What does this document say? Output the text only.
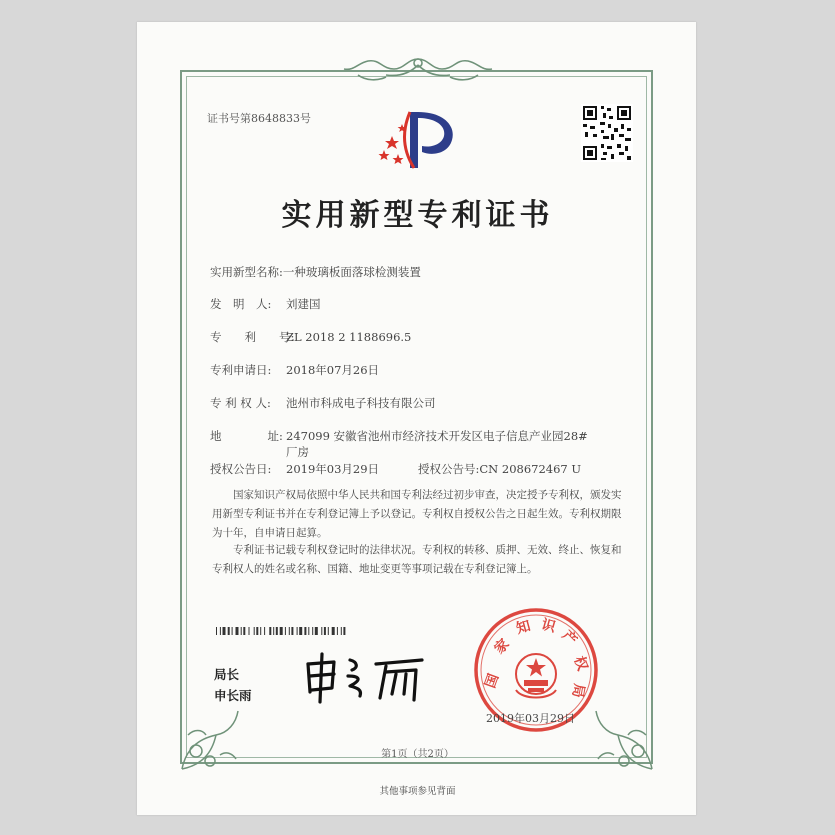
证书号第8648833号
实用新型专利证书
实用新型名称:一种玻璃板面落球检测装置
发　明　人: 刘建国
专　　利　　号:ZL 2018 2 1188696.5
专利申请日: 2018年07月26日
专 利 权 人: 池州市科成电子科技有限公司
地　　　　址: 247099 安徽省池州市经济技术开发区电子信息产业园28#
厂房
授权公告日: 2019年03月29日	授权公告号:CN 208672467 U
国家知识产权局依照中华人民共和国专利法经过初步审查，决定授予专利权，颁发实用新型专利证书并在专利登记簿上予以登记。专利权自授权公告之日起生效。专利权期限为十年，自申请日起算。
专利证书记载专利权登记时的法律状况。专利权的转移、质押、无效、终止、恢复和专利权人的姓名或名称、国籍、地址变更等事项记载在专利登记簿上。
局长
申长雨
国
家
知 识
产
权
局
2019年03月29日
第1页（共2页）
其他事项参见背面
